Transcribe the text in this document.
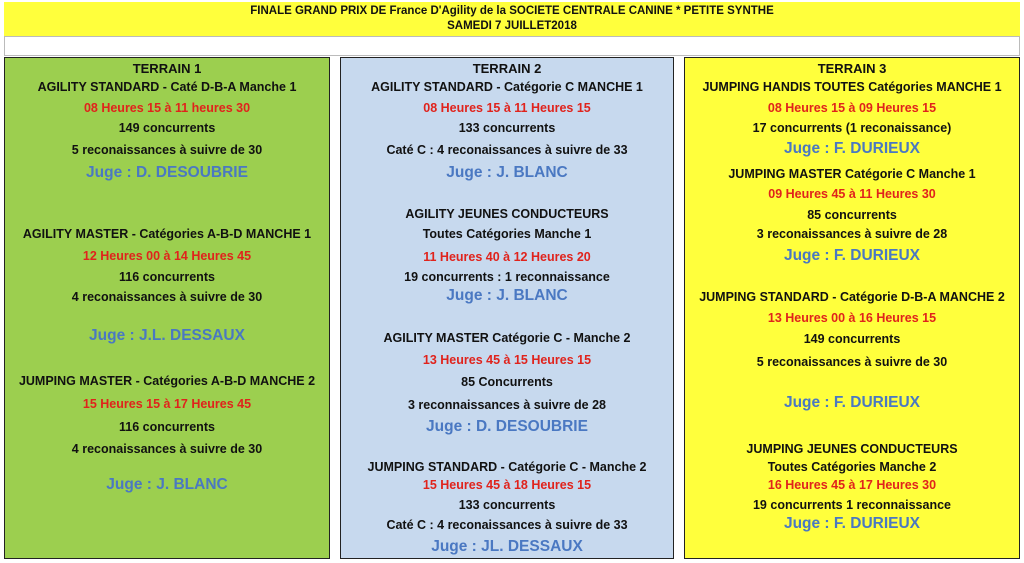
FINALE GRAND PRIX DE France D'Agility de la SOCIETE CENTRALE CANINE * PETITE SYNTHE
SAMEDI 7 JUILLET2018
TERRAIN 1
AGILITY STANDARD - Caté D-B-A Manche 1
08 Heures 15 à 11 heures 30
149 concurrents
5 reconaissances à suivre de 30
Juge : D. DESOUBRIE
AGILITY MASTER - Catégories A-B-D MANCHE 1
12 Heures 00 à 14 Heures 45
116 concurrents
4 reconaissances à suivre de 30
Juge : J.L. DESSAUX
JUMPING MASTER - Catégories A-B-D MANCHE 2
15 Heures 15 à 17 Heures 45
116 concurrents
4 reconaissances à suivre de 30
Juge : J. BLANC
TERRAIN 2
AGILITY STANDARD - Catégorie C MANCHE 1
08 Heures 15 à 11 Heures 15
133 concurrents
Caté C : 4 reconaissances à suivre de 33
Juge : J. BLANC
AGILITY JEUNES CONDUCTEURS
Toutes Catégories Manche 1
11 Heures 40 à 12 Heures 20
19 concurrents : 1 reconnaissance
Juge : J. BLANC
AGILITY MASTER Catégorie C - Manche 2
13 Heures 45 à 15 Heures 15
85 Concurrents
3 reconnaissances à suivre de 28
Juge : D. DESOUBRIE
JUMPING STANDARD - Catégorie C - Manche 2
15 Heures 45 à 18 Heures 15
133 concurrents
Caté C : 4 reconaissances à suivre de 33
Juge : JL. DESSAUX
TERRAIN 3
JUMPING HANDIS TOUTES Catégories MANCHE 1
08 Heures 15 à 09 Heures 15
17 concurrents (1 reconaissance)
Juge : F. DURIEUX
JUMPING MASTER Catégorie C Manche 1
09 Heures 45 à 11 Heures 30
85 concurrents
3 reconaissances à suivre de 28
Juge : F. DURIEUX
JUMPING STANDARD - Catégorie D-B-A MANCHE 2
13 Heures 00 à 16 Heures 15
149 concurrents
5 reconaissances à suivre de 30
Juge : F. DURIEUX
JUMPING JEUNES CONDUCTEURS
Toutes Catégories Manche 2
16 Heures 45 à 17 Heures 30
19 concurrents 1 reconnaissance
Juge : F. DURIEUX
